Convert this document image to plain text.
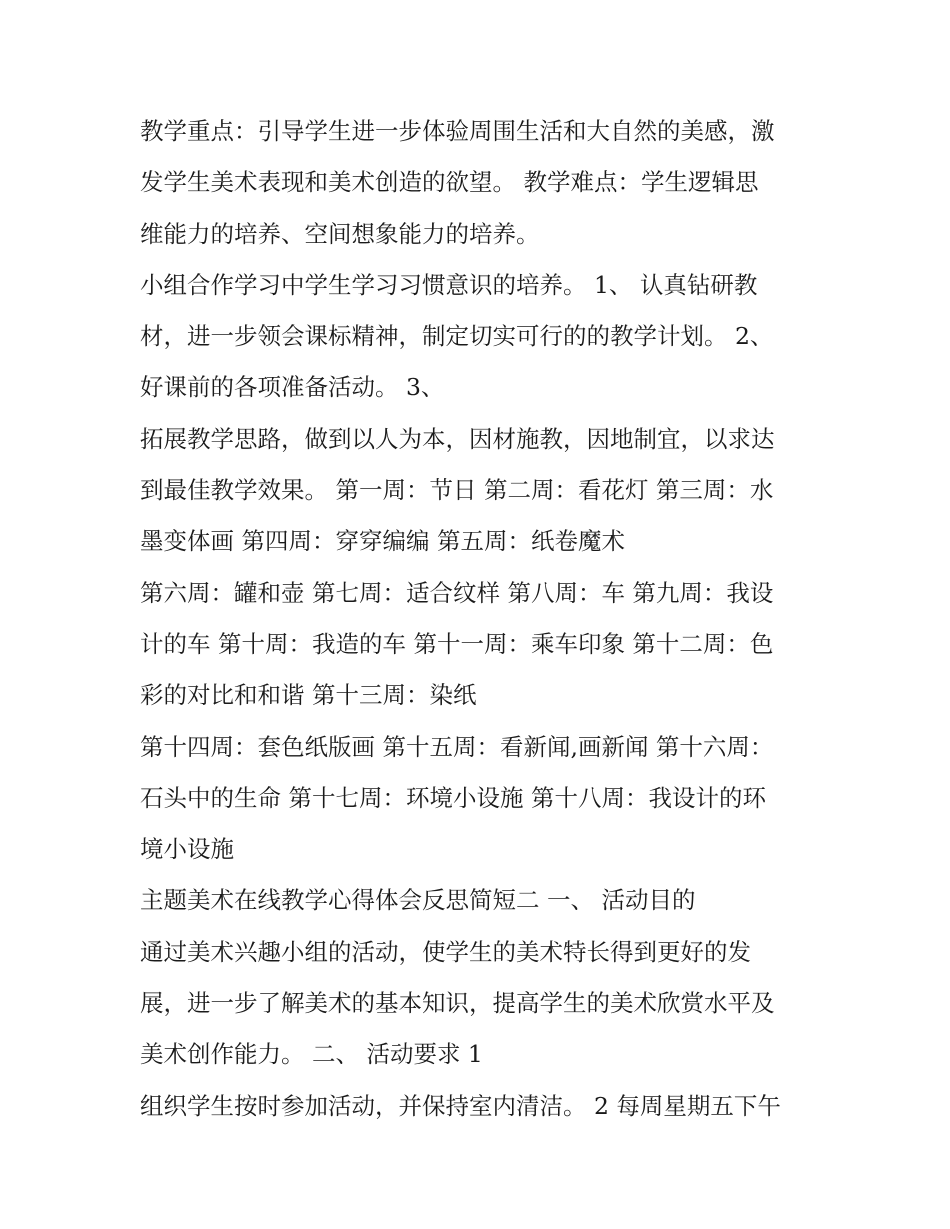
教学重点：引导学生进一步体验周围生活和大自然的美感，激
发学生美术表现和美术创造的欲望。 教学难点：学生逻辑思
维能力的培养、空间想象能力的培养。
小组合作学习中学生学习习惯意识的培养。 1、 认真钻研教
材，进一步领会课标精神，制定切实可行的的教学计划。 2、
好课前的各项准备活动。 3、
拓展教学思路，做到以人为本，因材施教，因地制宜，以求达
到最佳教学效果。 第一周：节日 第二周：看花灯 第三周：水
墨变体画 第四周：穿穿编编 第五周：纸卷魔术
第六周：罐和壶 第七周：适合纹样 第八周：车 第九周：我设
计的车 第十周：我造的车 第十一周：乘车印象 第十二周：色
彩的对比和和谐 第十三周：染纸
第十四周：套色纸版画 第十五周：看新闻,画新闻 第十六周：
石头中的生命 第十七周：环境小设施 第十八周：我设计的环
境小设施
主题美术在线教学心得体会反思简短二 一、 活动目的
通过美术兴趣小组的活动，使学生的美术特长得到更好的发
展，进一步了解美术的基本知识，提高学生的美术欣赏水平及
美术创作能力。 二、 活动要求 1
组织学生按时参加活动，并保持室内清洁。 2 每周星期五下午
